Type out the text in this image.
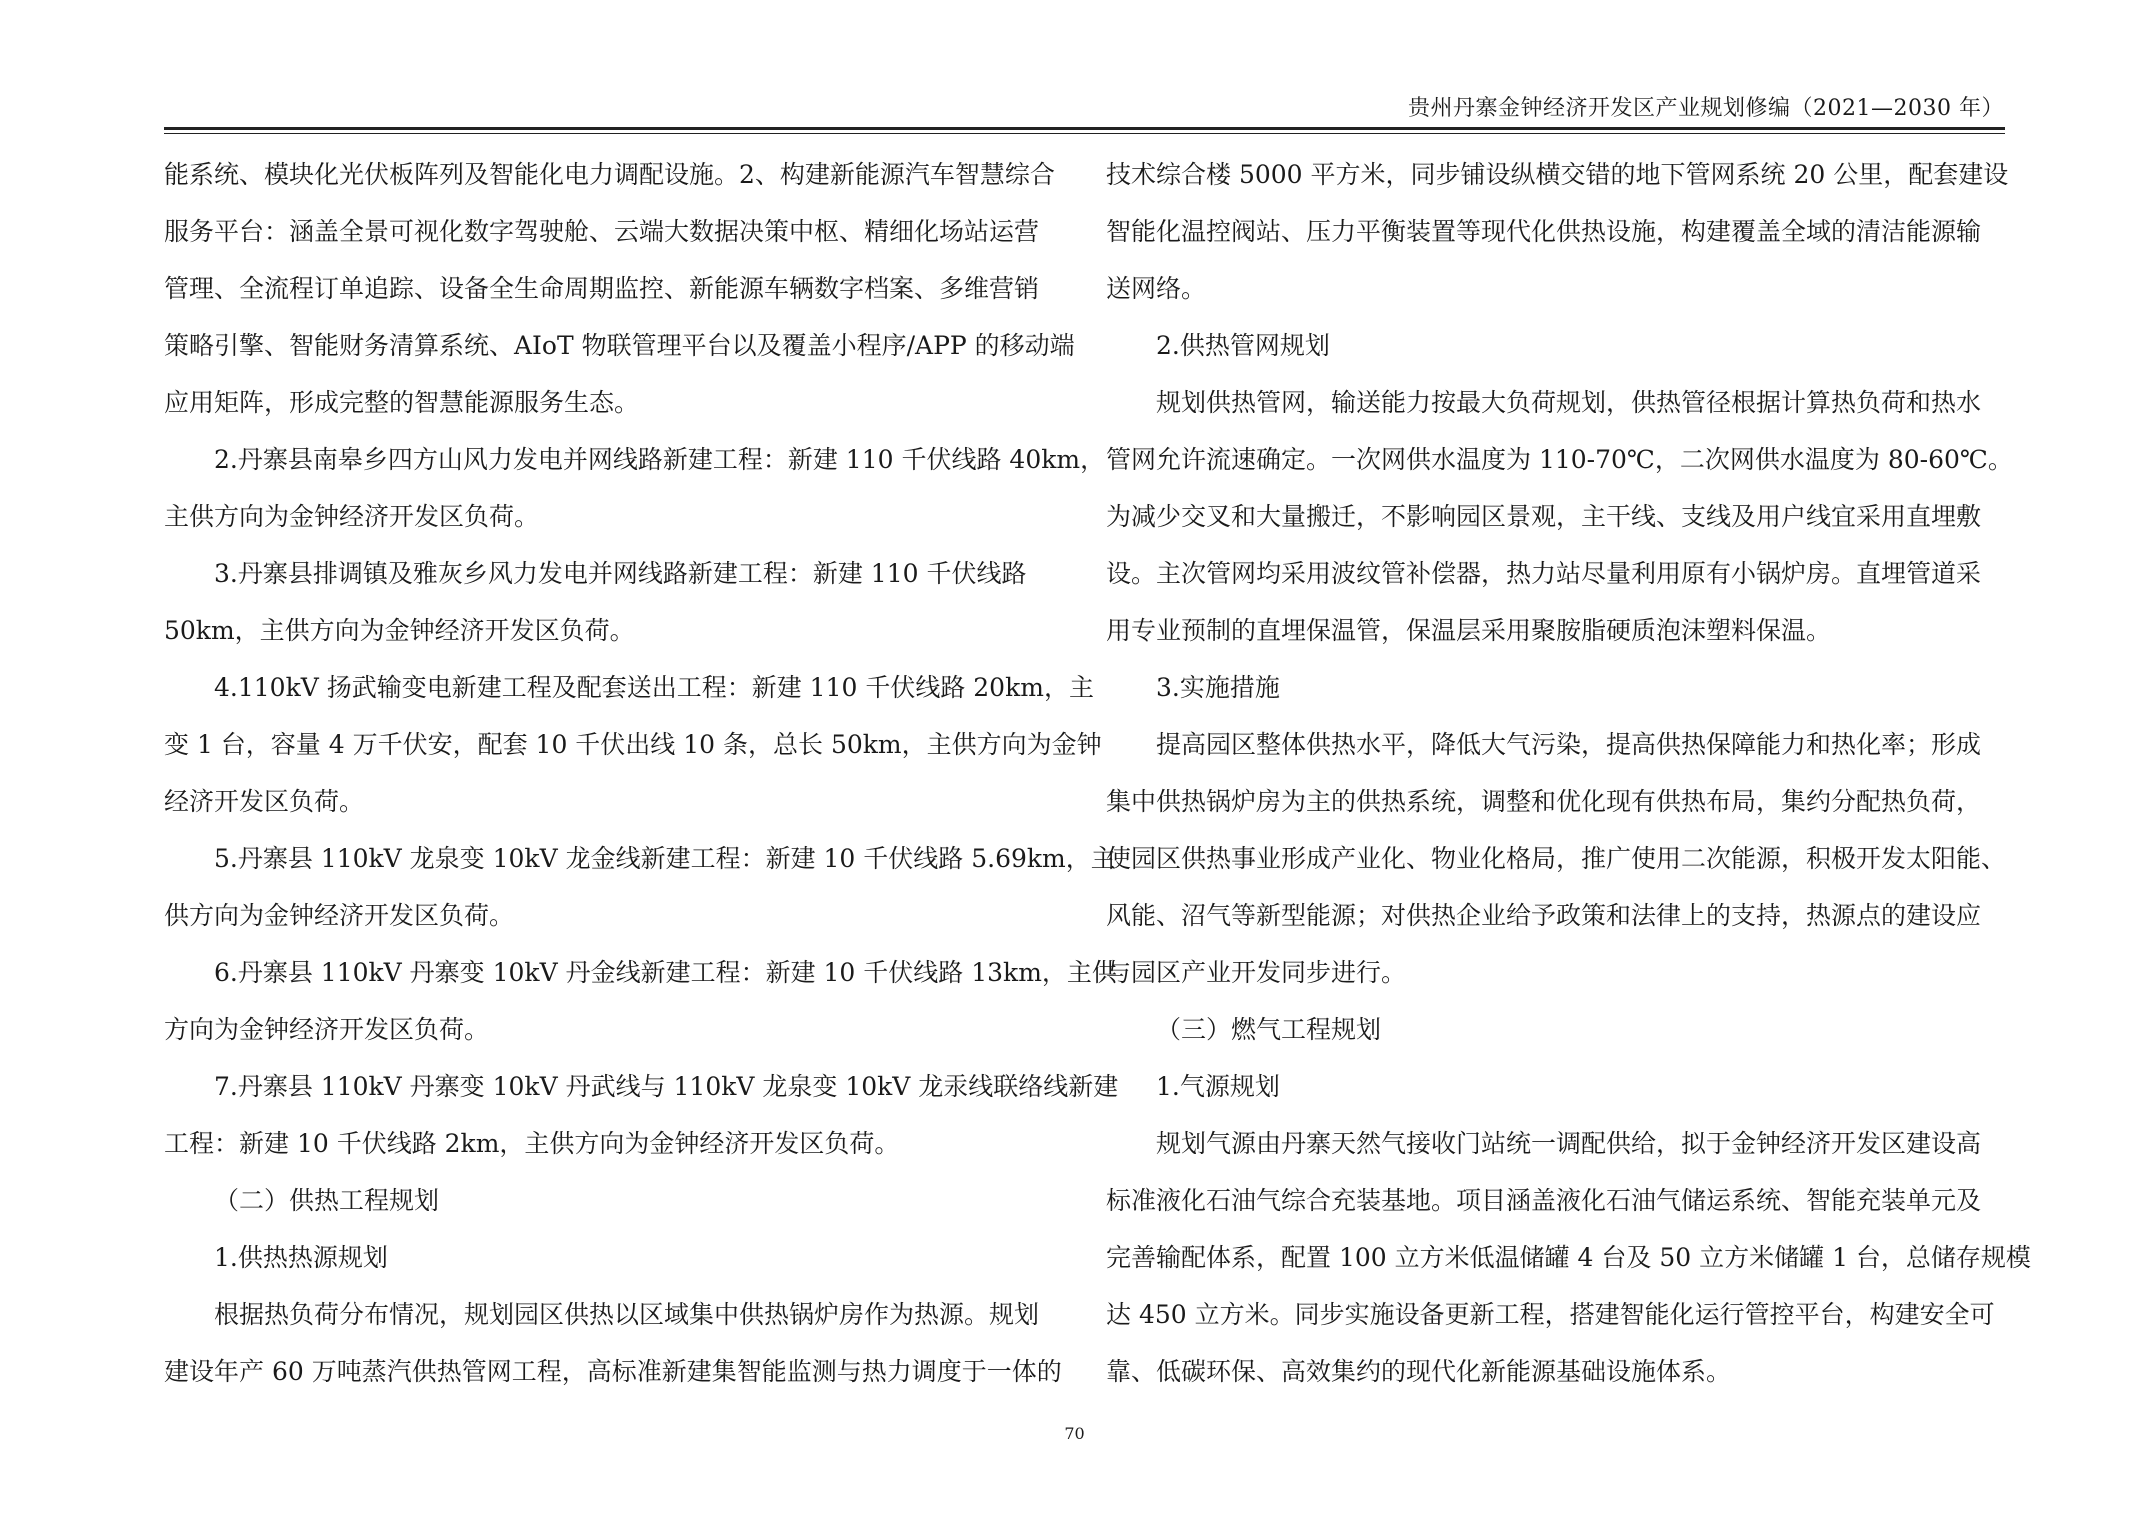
贵州丹寨金钟经济开发区产业规划修编（2021—2030 年）
能系统、模块化光伏板阵列及智能化电力调配设施。2、构建新能源汽车智慧综合
服务平台：涵盖全景可视化数字驾驶舱、云端大数据决策中枢、精细化场站运营
管理、全流程订单追踪、设备全生命周期监控、新能源车辆数字档案、多维营销
策略引擎、智能财务清算系统、AIoT 物联管理平台以及覆盖小程序/APP 的移动端
应用矩阵，形成完整的智慧能源服务生态。
2.丹寨县南皋乡四方山风力发电并网线路新建工程：新建 110 千伏线路 40km，
主供方向为金钟经济开发区负荷。
3.丹寨县排调镇及雅灰乡风力发电并网线路新建工程：新建 110 千伏线路
50km，主供方向为金钟经济开发区负荷。
4.110kV 扬武输变电新建工程及配套送出工程：新建 110 千伏线路 20km，主
变 1 台，容量 4 万千伏安，配套 10 千伏出线 10 条，总长 50km，主供方向为金钟
经济开发区负荷。
5.丹寨县 110kV 龙泉变 10kV 龙金线新建工程：新建 10 千伏线路 5.69km，主
供方向为金钟经济开发区负荷。
6.丹寨县 110kV 丹寨变 10kV 丹金线新建工程：新建 10 千伏线路 13km，主供
方向为金钟经济开发区负荷。
7.丹寨县 110kV 丹寨变 10kV 丹武线与 110kV 龙泉变 10kV 龙汞线联络线新建
工程：新建 10 千伏线路 2km，主供方向为金钟经济开发区负荷。
（二）供热工程规划
1.供热热源规划
根据热负荷分布情况，规划园区供热以区域集中供热锅炉房作为热源。规划
建设年产 60 万吨蒸汽供热管网工程，高标准新建集智能监测与热力调度于一体的
技术综合楼 5000 平方米，同步铺设纵横交错的地下管网系统 20 公里，配套建设
智能化温控阀站、压力平衡装置等现代化供热设施，构建覆盖全域的清洁能源输
送网络。
2.供热管网规划
规划供热管网，输送能力按最大负荷规划，供热管径根据计算热负荷和热水
管网允许流速确定。一次网供水温度为 110-70℃，二次网供水温度为 80-60℃。
为减少交叉和大量搬迁，不影响园区景观，主干线、支线及用户线宜采用直埋敷
设。主次管网均采用波纹管补偿器，热力站尽量利用原有小锅炉房。直埋管道采
用专业预制的直埋保温管，保温层采用聚胺脂硬质泡沫塑料保温。
3.实施措施
提高园区整体供热水平，降低大气污染，提高供热保障能力和热化率；形成
集中供热锅炉房为主的供热系统，调整和优化现有供热布局，集约分配热负荷，
使园区供热事业形成产业化、物业化格局，推广使用二次能源，积极开发太阳能、
风能、沼气等新型能源；对供热企业给予政策和法律上的支持，热源点的建设应
与园区产业开发同步进行。
（三）燃气工程规划
1.气源规划
规划气源由丹寨天然气接收门站统一调配供给，拟于金钟经济开发区建设高
标准液化石油气综合充装基地。项目涵盖液化石油气储运系统、智能充装单元及
完善输配体系，配置 100 立方米低温储罐 4 台及 50 立方米储罐 1 台，总储存规模
达 450 立方米。同步实施设备更新工程，搭建智能化运行管控平台，构建安全可
靠、低碳环保、高效集约的现代化新能源基础设施体系。
70
